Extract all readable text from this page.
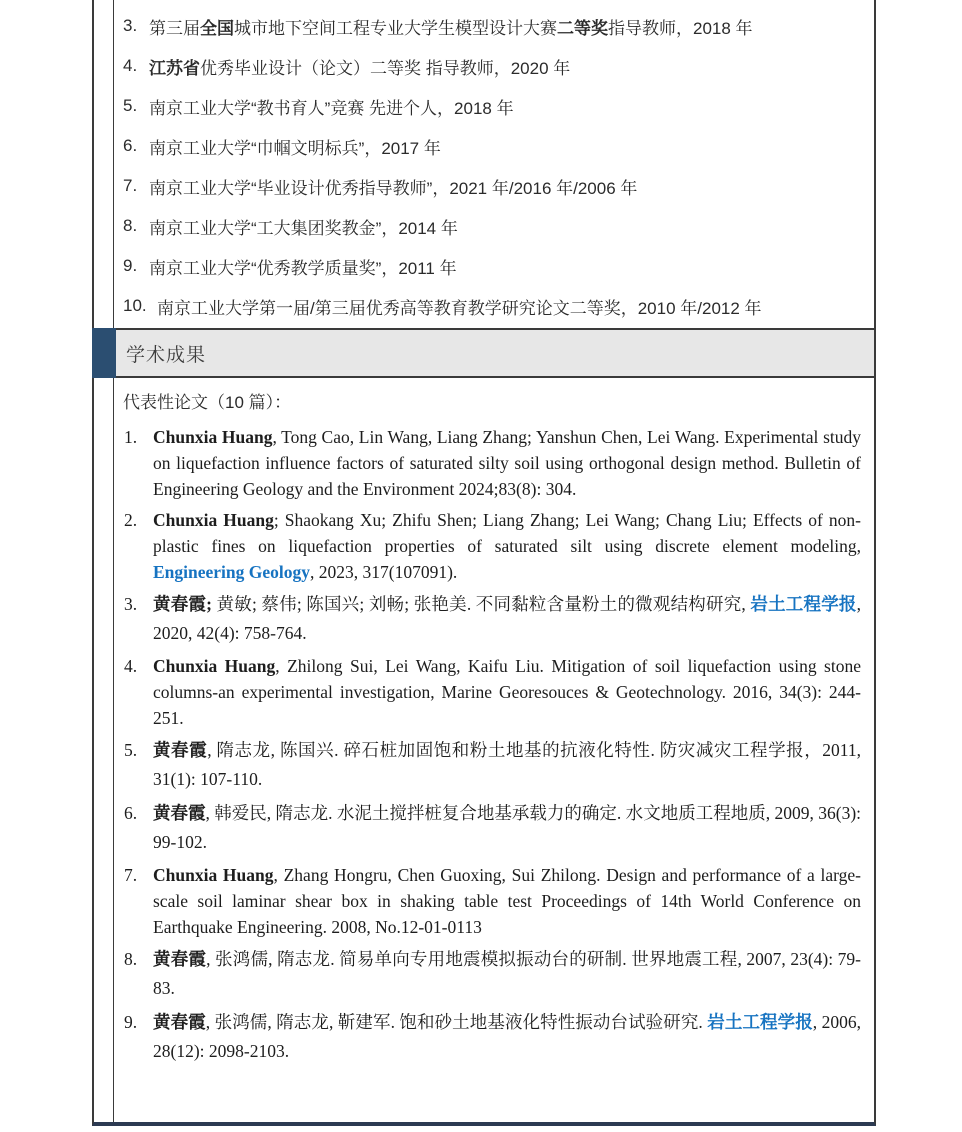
3. 第三届全国城市地下空间工程专业大学生模型设计大赛二等奖指导教师，2018 年
4. 江苏省优秀毕业设计（论文）二等奖 指导教师，2020 年
5. 南京工业大学“教书育人”竞赛 先进个人，2018 年
6. 南京工业大学“巾帼文明标兵”，2017 年
7. 南京工业大学“毕业设计优秀指导教师”，2021 年/2016 年/2006 年
8. 南京工业大学“工大集团奖教金”，2014 年
9. 南京工业大学“优秀教学质量奖”，2011 年
10. 南京工业大学第一届/第三届优秀高等教育教学研究论文二等奖，2010 年/2012 年
学术成果
代表性论文（10 篇）：
1. Chunxia Huang, Tong Cao, Lin Wang, Liang Zhang; Yanshun Chen, Lei Wang. Experimental study on liquefaction influence factors of saturated silty soil using orthogonal design method. Bulletin of Engineering Geology and the Environment 2024;83(8): 304.
2. Chunxia Huang; Shaokang Xu; Zhifu Shen; Liang Zhang; Lei Wang; Chang Liu; Effects of non-plastic fines on liquefaction properties of saturated silt using discrete element modeling, Engineering Geology, 2023, 317(107091).
3. 黄春霞; 黄敏; 蔡伟; 陈国兴; 刘畅; 张艳美. 不同黏粒含量粉土的微观结构研究, 岩土工程学报, 2020, 42(4): 758-764.
4. Chunxia Huang, Zhilong Sui, Lei Wang, Kaifu Liu. Mitigation of soil liquefaction using stone columns-an experimental investigation, Marine Georesouces & Geotechnology. 2016, 34(3): 244-251.
5. 黄春霞, 隋志龙, 陈国兴. 碎石桩加固饱和粉土地基的抗液化特性. 防灾减灾工程学报，2011, 31(1): 107-110.
6. 黄春霞, 韩爱民, 隋志龙. 水泥土搅拌桩复合地基承载力的确定. 水文地质工程地质, 2009, 36(3): 99-102.
7. Chunxia Huang, Zhang Hongru, Chen Guoxing, Sui Zhilong. Design and performance of a large-scale soil laminar shear box in shaking table test Proceedings of 14th World Conference on Earthquake Engineering. 2008, No.12-01-0113
8. 黄春霞, 张鸿儒, 隋志龙. 简易单向专用地震模拟振动台的研制. 世界地震工程, 2007, 23(4): 79-83.
9. 黄春霞, 张鸿儒, 隋志龙, 靳建军. 饱和砂土地基液化特性振动台试验研究. 岩土工程学报, 2006, 28(12): 2098-2103.
